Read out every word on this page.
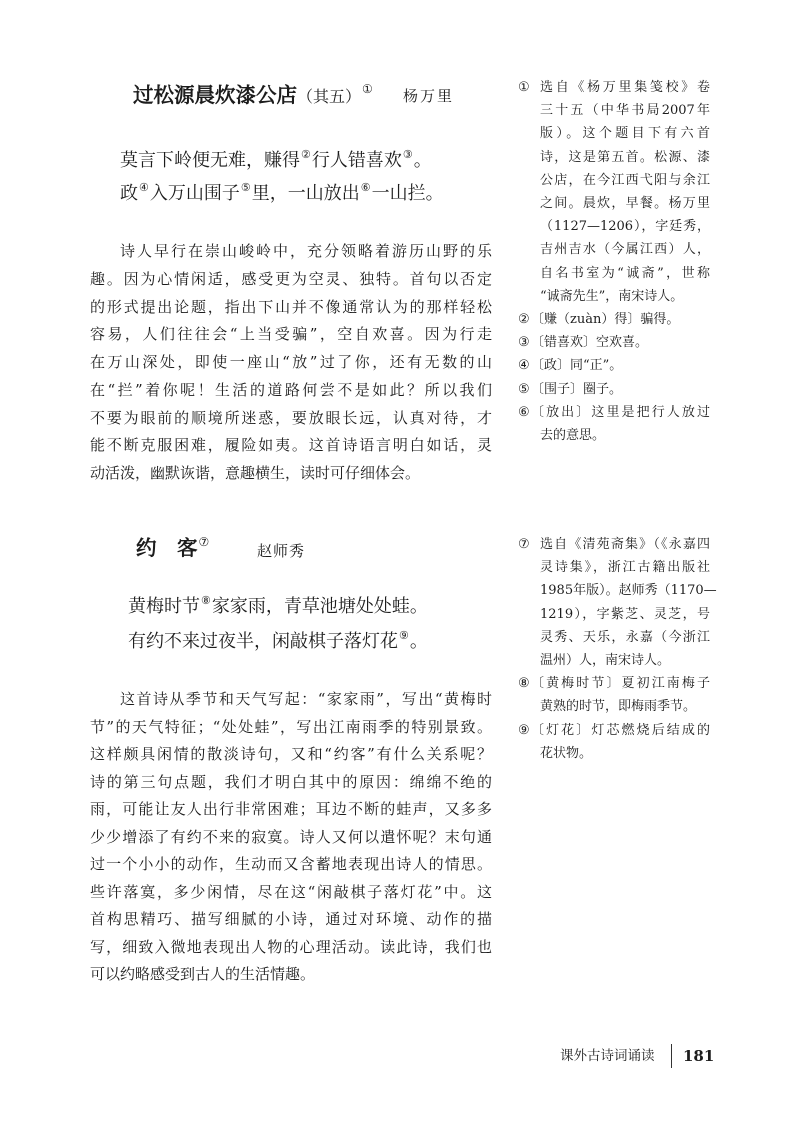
过松源晨炊漆公店（其五）① 杨万里
莫言下岭便无难，赚得②行人错喜欢③。
政④入万山围子⑤里，一山放出⑥一山拦。
诗人早行在崇山峻岭中，充分领略着游历山野的乐
趣。因为心情闲适，感受更为空灵、独特。首句以否定
的形式提出论题，指出下山并不像通常认为的那样轻松
容易，人们往往会“上当受骗”，空自欢喜。因为行走
在万山深处，即使一座山“放”过了你，还有无数的山
在“拦”着你呢！生活的道路何尝不是如此？所以我们
不要为眼前的顺境所迷惑，要放眼长远，认真对待，才
能不断克服困难，履险如夷。这首诗语言明白如话，灵
动活泼，幽默诙谐，意趣横生，读时可仔细体会。
① 选自《杨万里集笺校》卷
三十五（中华书局2007年
版）。这个题目下有六首
诗，这是第五首。松源、漆
公店，在今江西弋阳与余江
之间。晨炊，早餐。杨万里
（1127—1206），字廷秀，
吉州吉水（今属江西）人，
自名书室为“诚斋”，世称
“诚斋先生”，南宋诗人。
② 〔赚（zuàn）得〕骗得。
③ 〔错喜欢〕空欢喜。
④ 〔政〕同“正”。
⑤ 〔围子〕圈子。
⑥ 〔放出〕这里是把行人放过
去的意思。
约　客⑦	赵师秀
黄梅时节⑧家家雨，青草池塘处处蛙。
有约不来过夜半，闲敲棋子落灯花⑨。
这首诗从季节和天气写起：“家家雨”，写出“黄梅时
节”的天气特征；“处处蛙”，写出江南雨季的特别景致。
这样颇具闲情的散淡诗句，又和“约客”有什么关系呢？
诗的第三句点题，我们才明白其中的原因：绵绵不绝的
雨，可能让友人出行非常困难；耳边不断的蛙声，又多多
少少增添了有约不来的寂寞。诗人又何以遣怀呢？末句通
过一个小小的动作，生动而又含蓄地表现出诗人的情思。
些许落寞，多少闲情，尽在这“闲敲棋子落灯花”中。这
首构思精巧、描写细腻的小诗，通过对环境、动作的描
写，细致入微地表现出人物的心理活动。读此诗，我们也
可以约略感受到古人的生活情趣。
⑦ 选自《清苑斋集》（《永嘉四
灵诗集》，浙江古籍出版社
1985年版）。赵师秀（1170—
1219），字紫芝、灵芝，号
灵秀、天乐，永嘉（今浙江
温州）人，南宋诗人。
⑧ 〔黄梅时节〕夏初江南梅子
黄熟的时节，即梅雨季节。
⑨ 〔灯花〕灯芯燃烧后结成的
花状物。
课外古诗词诵读 181
